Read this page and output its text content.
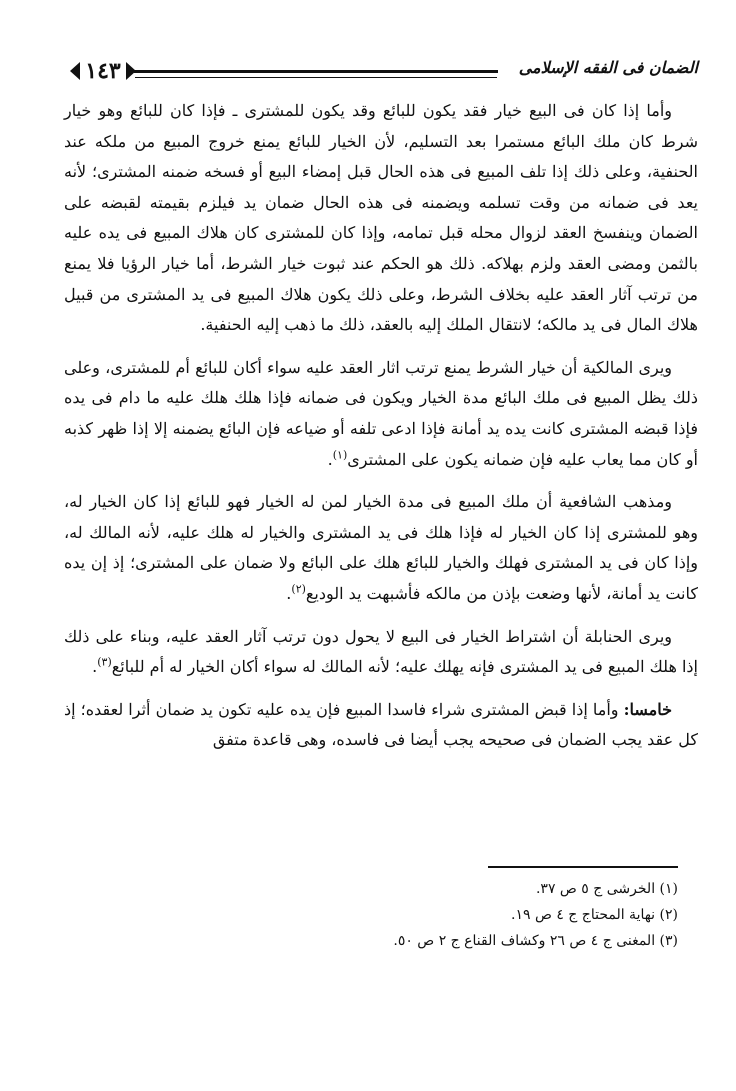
الضمان فى الفقه الإسلامى
١٤٣

وأما إذا كان فى البيع خيار فقد يكون للبائع وقد يكون للمشترى ـ فإذا كان للبائع وهو خيار شرط كان ملك البائع مستمرا بعد التسليم، لأن الخيار للبائع يمنع خروج المبيع من ملكه عند الحنفية، وعلى ذلك إذا تلف المبيع فى هذه الحال قبل إمضاء البيع أو فسخه ضمنه المشترى؛ لأنه يعد فى ضمانه من وقت تسلمه ويضمنه فى هذه الحال ضمان يد فيلزم بقيمته لقبضه على الضمان وينفسخ العقد لزوال محله قبل تمامه، وإذا كان للمشترى كان هلاك المبيع فى يده عليه بالثمن ومضى العقد ولزم بهلاكه. ذلك هو الحكم عند ثبوت خيار الشرط، أما خيار الرؤيا فلا يمنع من ترتب آثار العقد عليه بخلاف الشرط، وعلى ذلك يكون هلاك المبيع فى يد المشترى من قبيل هلاك المال فى يد مالكه؛ لانتقال الملك إليه بالعقد، ذلك ما ذهب إليه الحنفية.

ويرى المالكية أن خيار الشرط يمنع ترتب اثار العقد عليه سواء أكان للبائع أم للمشترى، وعلى ذلك يظل المبيع فى ملك البائع مدة الخيار ويكون فى ضمانه فإذا هلك هلك عليه ما دام فى يده فإذا قبضه المشترى كانت يده يد أمانة فإذا ادعى تلفه أو ضياعه فإن البائع يضمنه إلا إذا ظهر كذبه أو كان مما يعاب عليه فإن ضمانه يكون على المشترى$^{(١)}$.

ومذهب الشافعية أن ملك المبيع فى مدة الخيار لمن له الخيار فهو للبائع إذا كان الخيار له، وهو للمشترى إذا كان الخيار له فإذا هلك فى يد المشترى والخيار له هلك عليه، لأنه المالك له، وإذا كان فى يد المشترى فهلك والخيار للبائع هلك على البائع ولا ضمان على المشترى؛ إذ إن يده كانت يد أمانة، لأنها وضعت بإذن من مالكه فأشبهت يد الوديع$^{(٢)}$.

ويرى الحنابلة أن اشتراط الخيار فى البيع لا يحول دون ترتب آثار العقد عليه، وبناء على ذلك إذا هلك المبيع فى يد المشترى فإنه يهلك عليه؛ لأنه المالك له سواء أكان الخيار له أم للبائع$^{(٣)}$.

خامسا: وأما إذا قبض المشترى شراء فاسدا المبيع فإن يده عليه تكون يد ضمان أثرا لعقده؛ إذ كل عقد يجب الضمان فى صحيحه يجب أيضا فى فاسده، وهى قاعدة متفق

(١) الخرشى ج ٥ ص ٣٧.
(٢) نهاية المحتاج ج ٤ ص ١٩.
(٣) المغنى ج ٤ ص ٢٦ وكشاف القناع ج ٢ ص ٥٠.
